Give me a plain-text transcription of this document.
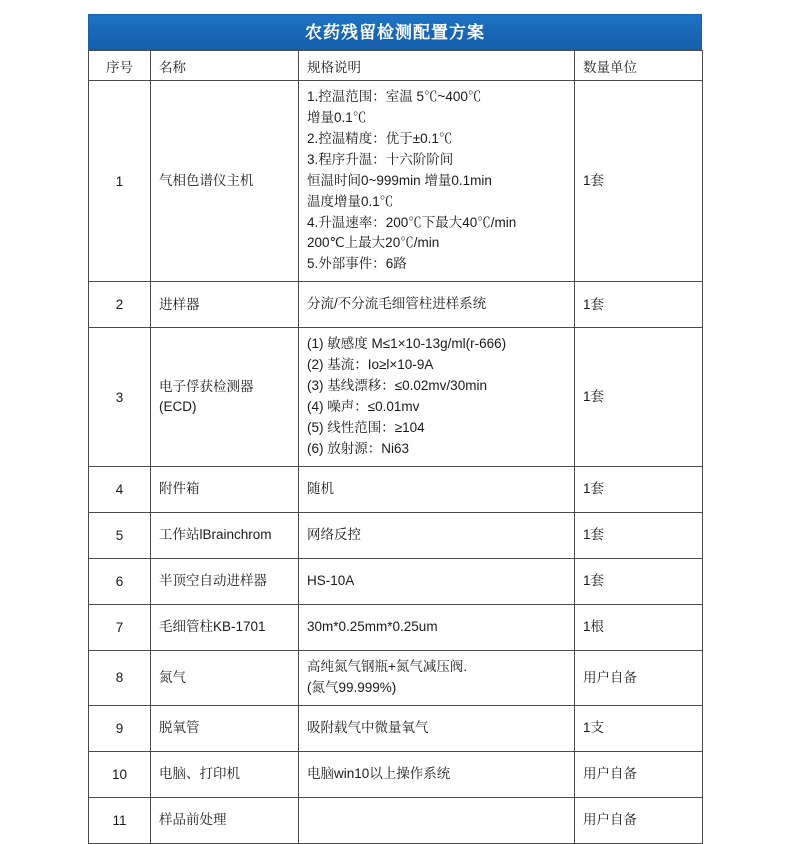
农药残留检测配置方案
序号	名称	规格说明	数量单位
1	气相色谱仪主机	1.控温范围：室温 5℃~400℃
增量0.1℃
2.控温精度：优于±0.1℃
3.程序升温：十六阶阶间
恒温时间0~999min 增量0.1min
温度增量0.1℃
4.升温速率：200℃下最大40℃/min
200℃上最大20℃/min
5.外部事件：6路	1套
2	进样器	分流/不分流毛细管柱进样系统	1套
3	电子俘获检测器
(ECD)	(1) 敏感度 M≤1×10-13g/ml(r-666)
(2) 基流：Io≥l×10-9A
(3) 基线漂移：≤0.02mv/30min
(4) 噪声：≤0.01mv
(5) 线性范围：≥104
(6) 放射源：Ni63	1套
4	附件箱	随机	1套
5	工作站lBrainchrom	网络反控	1套
6	半顶空自动进样器	HS-10A	1套
7	毛细管柱KB-1701	30m*0.25mm*0.25um	1根
8	氮气	高纯氮气钢瓶+氮气减压阀.
(氮气99.999%)	用户自备
9	脱氧管	吸附载气中微量氧气	1支
10	电脑、打印机	电脑win10以上操作系统	用户自备
11	样品前处理		用户自备
